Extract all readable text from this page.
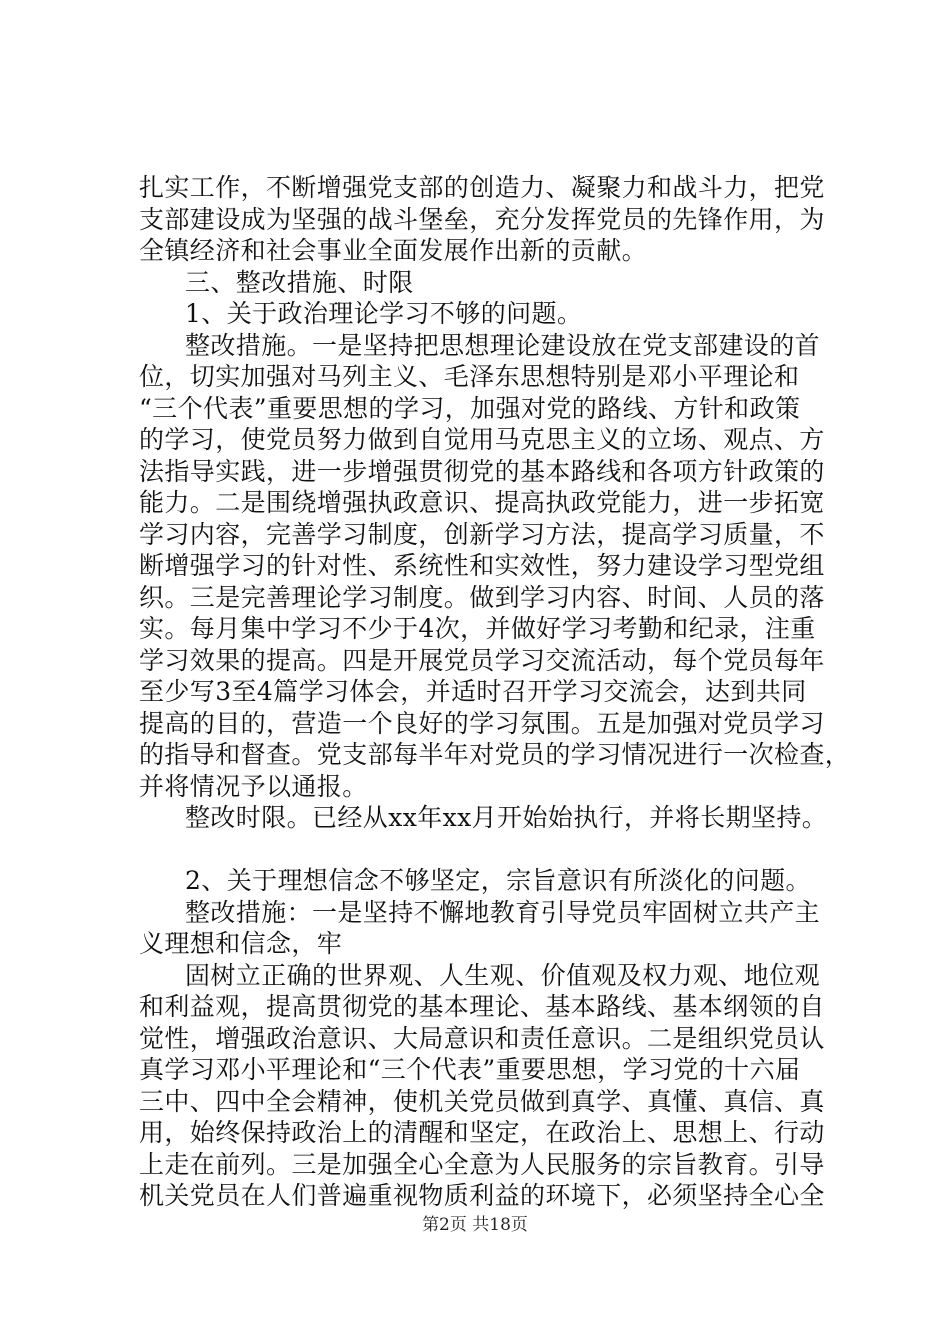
扎实工作，不断增强党支部的创造力、凝聚力和战斗力，把党
支部建设成为坚强的战斗堡垒，充分发挥党员的先锋作用，为
全镇经济和社会事业全面发展作出新的贡献。
三、整改措施、时限
1、关于政治理论学习不够的问题。
整改措施。一是坚持把思想理论建设放在党支部建设的首
位，切实加强对马列主义、毛泽东思想特别是邓小平理论和
“三个代表”重要思想的学习，加强对党的路线、方针和政策
的学习，使党员努力做到自觉用马克思主义的立场、观点、方
法指导实践，进一步增强贯彻党的基本路线和各项方针政策的
能力。二是围绕增强执政意识、提高执政党能力，进一步拓宽
学习内容，完善学习制度，创新学习方法，提高学习质量，不
断增强学习的针对性、系统性和实效性，努力建设学习型党组
织。三是完善理论学习制度。做到学习内容、时间、人员的落
实。每月集中学习不少于4次，并做好学习考勤和纪录，注重
学习效果的提高。四是开展党员学习交流活动，每个党员每年
至少写3至4篇学习体会，并适时召开学习交流会，达到共同
提高的目的，营造一个良好的学习氛围。五是加强对党员学习
的指导和督查。党支部每半年对党员的学习情况进行一次检查，
并将情况予以通报。
整改时限。已经从xx年xx月开始始执行，并将长期坚持。
2、关于理想信念不够坚定，宗旨意识有所淡化的问题。
整改措施：一是坚持不懈地教育引导党员牢固树立共产主
义理想和信念，牢
固树立正确的世界观、人生观、价值观及权力观、地位观
和利益观，提高贯彻党的基本理论、基本路线、基本纲领的自
觉性，增强政治意识、大局意识和责任意识。二是组织党员认
真学习邓小平理论和“三个代表”重要思想，学习党的十六届
三中、四中全会精神，使机关党员做到真学、真懂、真信、真
用，始终保持政治上的清醒和坚定，在政治上、思想上、行动
上走在前列。三是加强全心全意为人民服务的宗旨教育。引导
机关党员在人们普遍重视物质利益的环境下，必须坚持全心全
第2页 共18页
